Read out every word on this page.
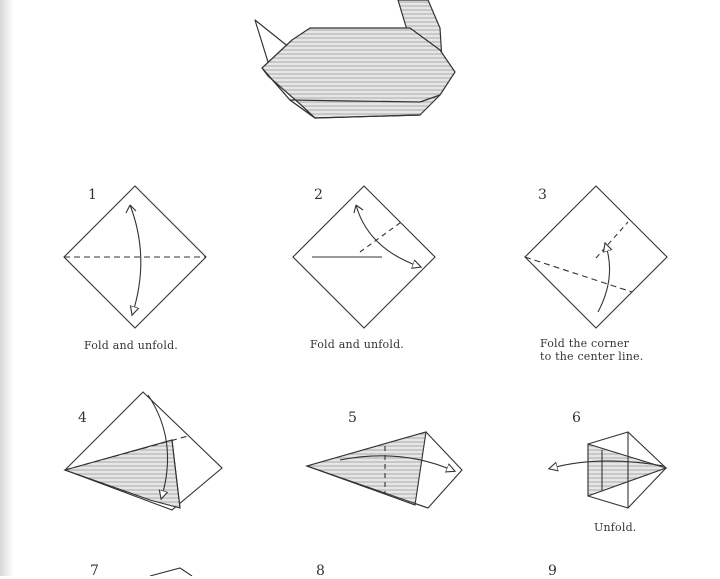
1	2	3
4	5	6
7	8	9
Fold and unfold.	Fold and unfold.	Fold the corner
to the center line.
Unfold.
